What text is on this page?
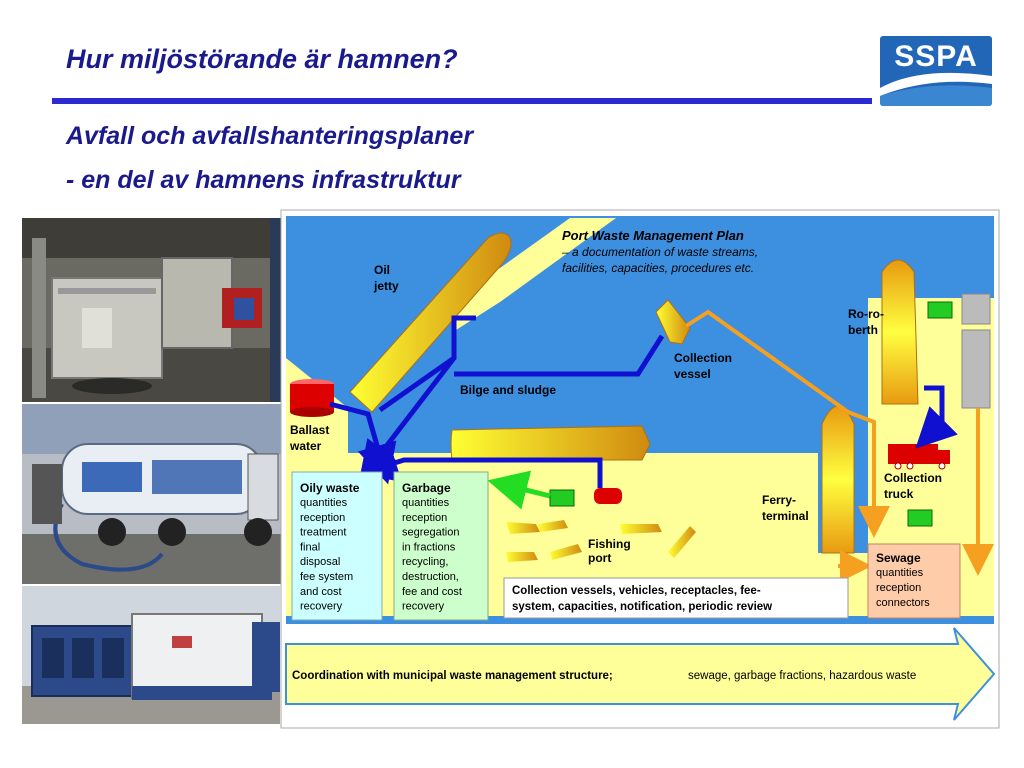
Hur miljöstörande är hamnen?
Avfall och avfallshanteringsplaner
- en del av hamnens infrastruktur
SSPA
Port Waste Management Plan
– a documentation of waste streams,
facilities, capacities, procedures etc.
Oil
jetty
Ballast
water
Bilge and sludge
Collection
vessel
Ro-ro-
berth
Collection
truck
Ferry-
terminal
Fishing
port
Oily waste
quantities
reception
treatment
final
disposal
fee system
and cost
recovery
Garbage
quantities
reception
segregation
in fractions
recycling,
destruction,
fee and cost
recovery
Sewage
quantities
reception
connectors
Collection vessels, vehicles, receptacles, fee-
system, capacities, notification, periodic review
Coordination with municipal waste management structure;	sewage, garbage fractions, hazardous waste
